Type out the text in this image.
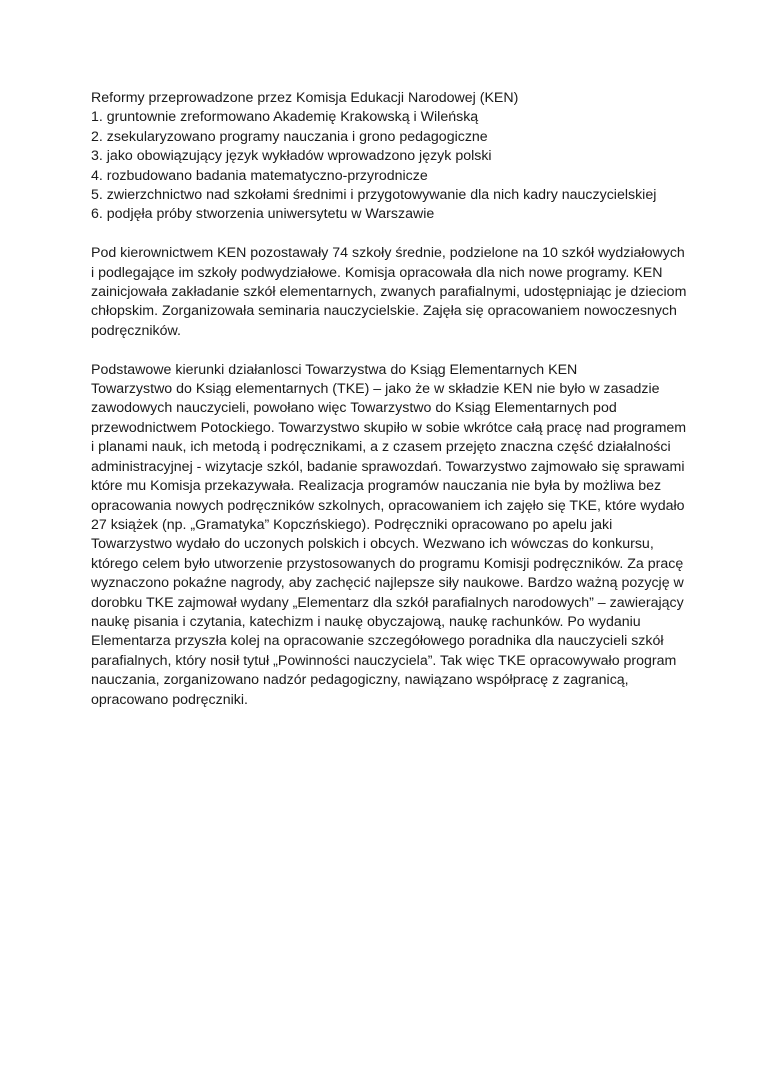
Reformy przeprowadzone przez Komisja Edukacji Narodowej (KEN)

1. gruntownie zreformowano Akademię Krakowską i Wileńską
2. zsekularyzowano programy nauczania i grono pedagogiczne
3. jako obowiązujący język wykładów wprowadzono język polski
4. rozbudowano badania matematyczno-przyrodnicze
5. zwierzchnictwo nad szkołami średnimi i przygotowywanie dla nich kadry nauczycielskiej
6. podjęła próby stworzenia uniwersytetu w Warszawie

Pod kierownictwem KEN pozostawały 74 szkoły średnie, podzielone na 10 szkół wydziałowych i podlegające im szkoły podwydziałowe. Komisja opracowała dla nich nowe programy. KEN zainicjowała zakładanie szkół elementarnych, zwanych parafialnymi, udostępniając je dzieciom chłopskim. Zorganizowała seminaria nauczycielskie. Zajęła się opracowaniem nowoczesnych podręczników.

Podstawowe kierunki działanlosci Towarzystwa do Ksiąg Elementarnych KEN

Towarzystwo do Ksiąg elementarnych (TKE) – jako że w składzie KEN nie było w zasadzie zawodowych nauczycieli, powołano więc Towarzystwo do Ksiąg Elementarnych pod przewodnictwem Potockiego. Towarzystwo skupiło w sobie wkrótce całą pracę nad programem i planami nauk, ich metodą i podręcznikami, a z czasem przejęto znaczna część działalności administracyjnej - wizytacje szkól, badanie sprawozdań. Towarzystwo zajmowało się sprawami które mu Komisja przekazywała. Realizacja programów nauczania nie była by możliwa bez opracowania nowych podręczników szkolnych, opracowaniem ich zajęło się TKE, które wydało 27 książek (np. „Gramatyka” Kopczńskiego). Podręczniki opracowano po apelu jaki Towarzystwo wydało do uczonych polskich i obcych. Wezwano ich wówczas do konkursu, którego celem było utworzenie przystosowanych do programu Komisji podręczników. Za pracę wyznaczono pokaźne nagrody, aby zachęcić najlepsze siły naukowe. Bardzo ważną pozycję w dorobku TKE zajmował wydany „Elementarz dla szkół parafialnych narodowych” – zawierający naukę pisania i czytania, katechizm i naukę obyczajową, naukę rachunków. Po wydaniu Elementarza przyszła kolej na opracowanie szczegółowego poradnika dla nauczycieli szkół parafialnych, który nosił tytuł „Powinności nauczyciela”. Tak więc TKE opracowywało program nauczania, zorganizowano nadzór pedagogiczny, nawiązano współpracę z zagranicą, opracowano podręczniki.
